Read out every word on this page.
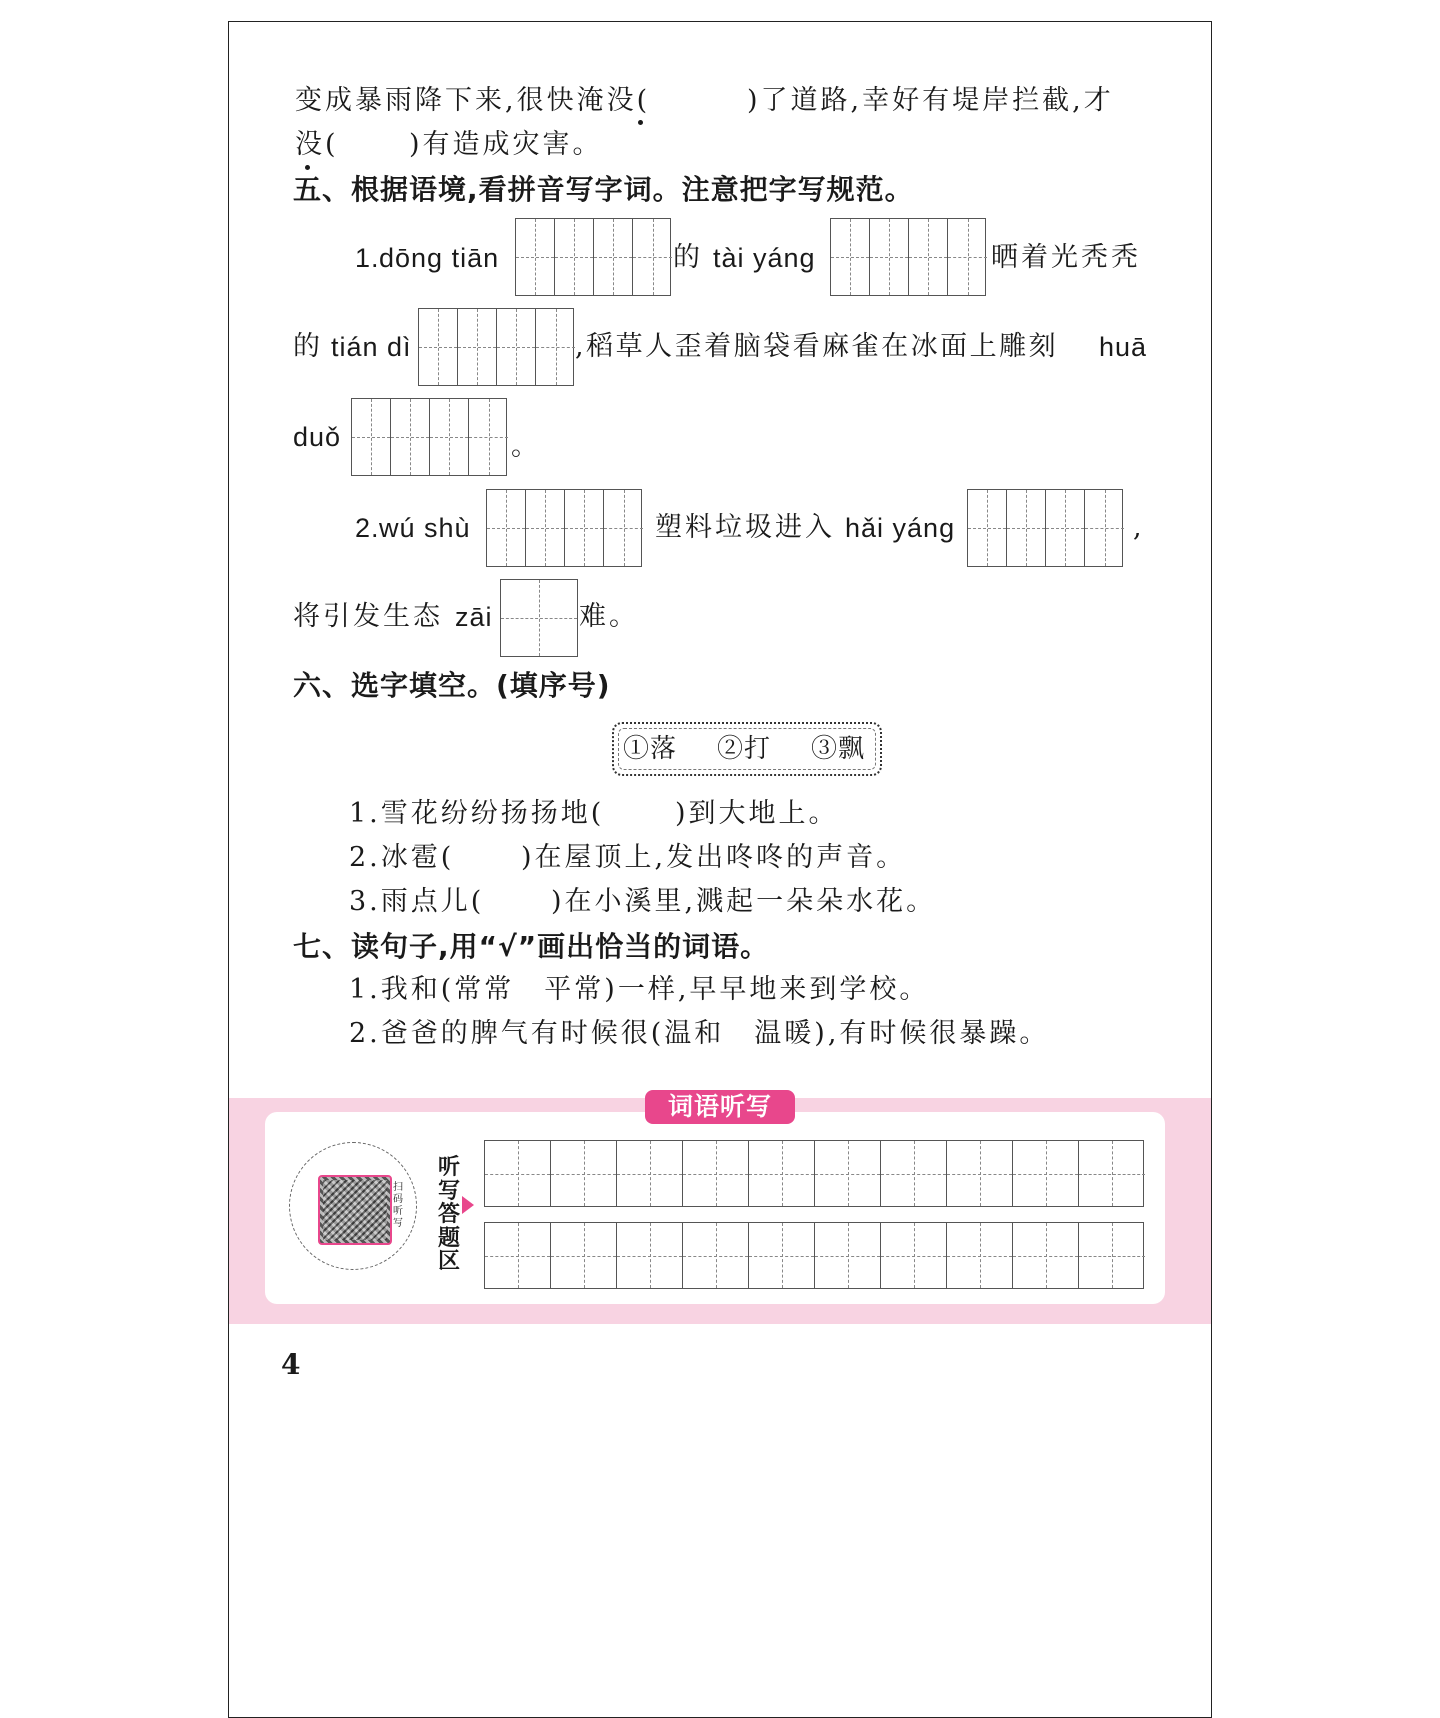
变成暴雨降下来,很快淹没(	)了道路,幸好有堤岸拦截,才
没(	)有造成灾害。
五、根据语境,看拼音写字词。注意把字写规范。
1. dōng tiān	的 tài yáng	晒着光秃秃
的 tián dì	,稻草人歪着脑袋看麻雀在冰面上雕刻 huā
duǒ	。
2. wú shù	塑料垃圾进入 hǎi yáng	,
将引发生态 zāi	难。
六、选字填空。(填序号)
①落 ②打 ③飘
1.雪花纷纷扬扬地(	)到大地上。
2.冰雹( )在屋顶上,发出咚咚的声音。
3.雨点儿( )在小溪里,溅起一朵朵水花。
七、读句子,用“√”画出恰当的词语。
1.我和(常常　平常)一样,早早地来到学校。
2.爸爸的脾气有时候很(温和　温暖),有时候很暴躁。
词语听写
扫码听写
听写答题区
4
